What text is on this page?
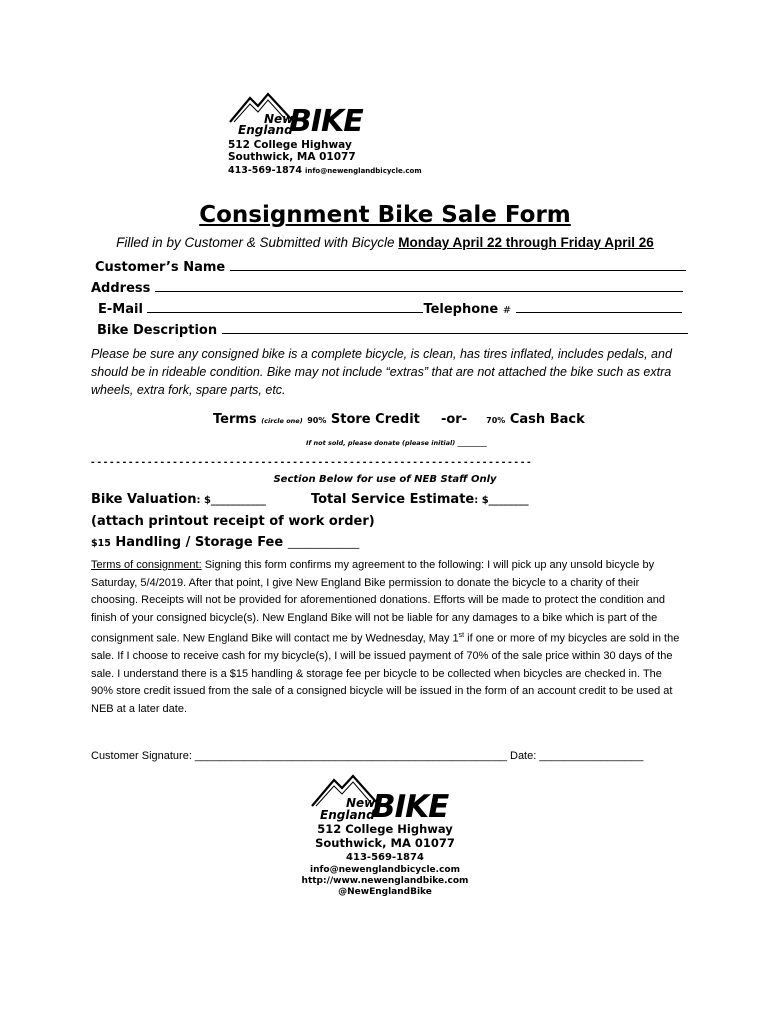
New
England
BIKE
512 College Highway
Southwick, MA 01077
413-569-1874 info@newenglandbicycle.com
Consignment Bike Sale Form
Filled in by Customer & Submitted with Bicycle Monday April 22 through Friday April 26
Customer’s Name
Address
E-Mail	Telephone #
Bike Description
Please be sure any consigned bike is a complete bicycle, is clean, has tires inflated, includes pedals, and should be in rideable condition. Bike may not include “extras” that are not attached the bike such as extra wheels, extra fork, spare parts, etc.
Terms (circle one) 90% Store Credit -or- 70% Cash Back
If not sold, please donate (please initial) _________
- - - - - - - - - - - - - - - - - - - - - - - - - - - - - - - - - - - - - - - - - - - - - - - - - - - - - - - - - - - - - - - - - - - - - -
Section Below for use of NEB Staff Only
Bike Valuation: $___________	Total Service Estimate: $________
(attach printout receipt of work order)
$15 Handling / Storage Fee _____________
Terms of consignment: Signing this form confirms my agreement to the following: I will pick up any unsold bicycle by Saturday, 5/4/2019. After that point, I give New England Bike permission to donate the bicycle to a charity of their choosing. Receipts will not be provided for aforementioned donations. Efforts will be made to protect the condition and finish of your consigned bicycle(s). New England Bike will not be liable for any damages to a bike which is part of the consignment sale. New England Bike will contact me by Wednesday, May 1st if one or more of my bicycles are sold in the sale. If I choose to receive cash for my bicycle(s), I will be issued payment of 70% of the sale price within 30 days of the sale. I understand there is a $15 handling & storage fee per bicycle to be collected when bicycles are checked in. The 90% store credit issued from the sale of a consigned bicycle will be issued in the form of an account credit to be used at NEB at a later date.
Customer Signature: ___________________________________________________ Date: _________________
New
England
BIKE
512 College Highway
Southwick, MA 01077
413-569-1874
info@newenglandbicycle.com
http://www.newenglandbike.com
@NewEnglandBike
